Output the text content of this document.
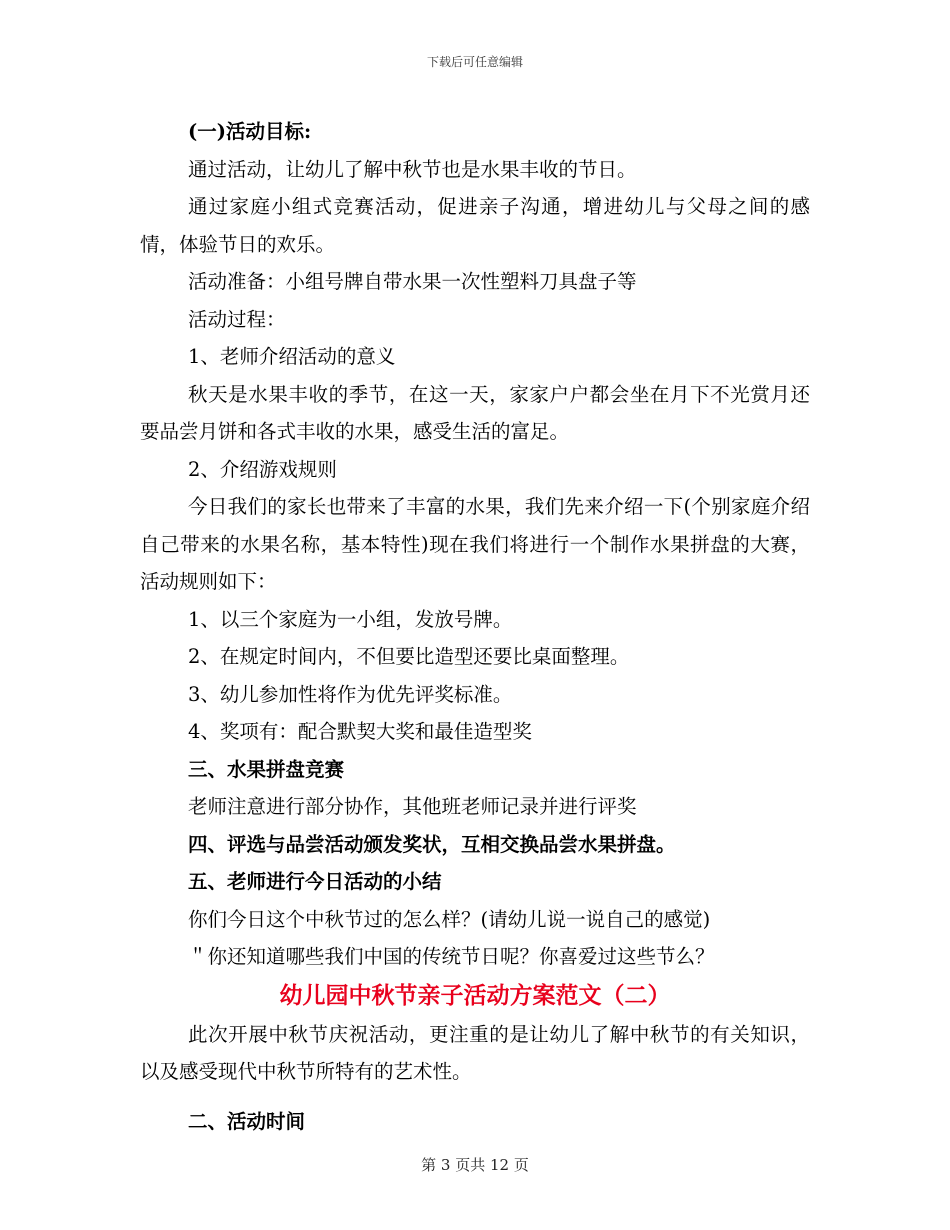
下载后可任意编辑
(一)活动目标:
通过活动，让幼儿了解中秋节也是水果丰收的节日。
通过家庭小组式竞赛活动，促进亲子沟通，增进幼儿与父母之间的感情，体验节日的欢乐。
活动准备：小组号牌自带水果一次性塑料刀具盘子等
活动过程：
1、老师介绍活动的意义
秋天是水果丰收的季节，在这一天，家家户户都会坐在月下不光赏月还要品尝月饼和各式丰收的水果，感受生活的富足。
2、介绍游戏规则
今日我们的家长也带来了丰富的水果，我们先来介绍一下(个别家庭介绍自己带来的水果名称，基本特性)现在我们将进行一个制作水果拼盘的大赛，活动规则如下：
1、以三个家庭为一小组，发放号牌。
2、在规定时间内，不但要比造型还要比桌面整理。
3、幼儿参加性将作为优先评奖标准。
4、奖项有：配合默契大奖和最佳造型奖
三、水果拼盘竞赛
老师注意进行部分协作，其他班老师记录并进行评奖
四、评选与品尝活动颁发奖状，互相交换品尝水果拼盘。
五、老师进行今日活动的小结
你们今日这个中秋节过的怎么样？(请幼儿说一说自己的感觉)
＂你还知道哪些我们中国的传统节日呢？你喜爱过这些节么？
幼儿园中秋节亲子活动方案范文（二）
此次开展中秋节庆祝活动，更注重的是让幼儿了解中秋节的有关知识，以及感受现代中秋节所特有的艺术性。
二、活动时间
第 3 页共 12 页
